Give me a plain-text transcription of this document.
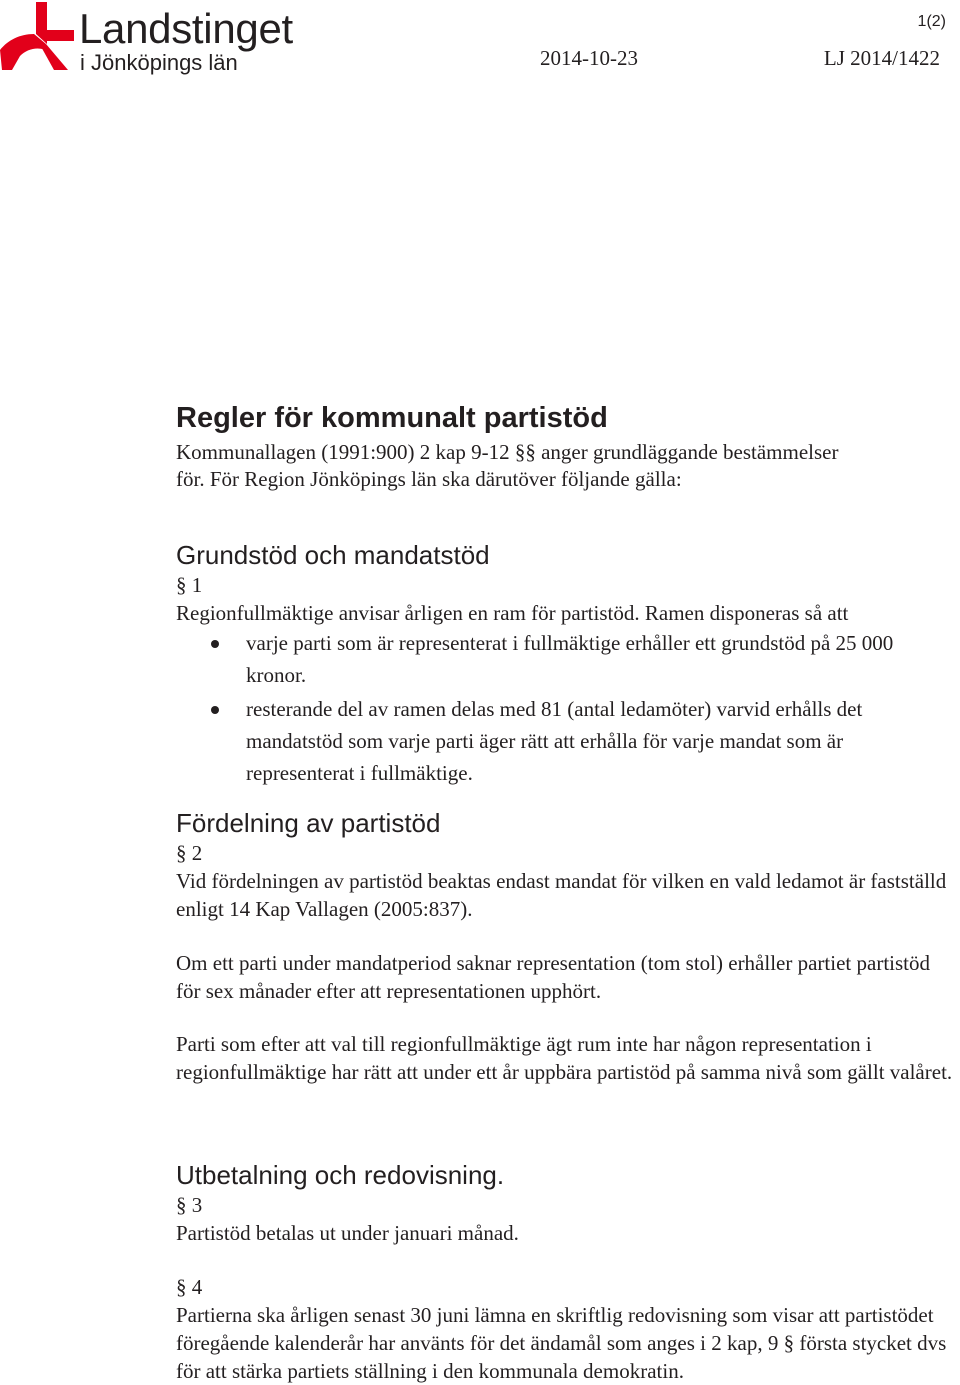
Landstinget
i Jönköpings län
1(2)
2014-10-23	LJ 2014/1422
Regler för kommunalt partistöd
Kommunallagen (1991:900) 2 kap 9-12 §§ anger grundläggande bestämmelser
för. För Region Jönköpings län ska därutöver följande gälla:
Grundstöd och mandatstöd
§ 1
Regionfullmäktige anvisar årligen en ram för partistöd. Ramen disponeras så att
varje parti som är representerat i fullmäktige erhåller ett grundstöd på 25 000 kronor.
resterande del av ramen delas med 81 (antal ledamöter) varvid erhålls det mandatstöd som varje parti äger rätt att erhålla för varje mandat som är representerat i fullmäktige.
Fördelning av partistöd
§ 2
Vid fördelningen av partistöd beaktas endast mandat för vilken en vald ledamot är fastställd enligt 14 Kap Vallagen (2005:837).
Om ett parti under mandatperiod saknar representation (tom stol) erhåller partiet partistöd för sex månader efter att representationen upphört.
Parti som efter att val till regionfullmäktige ägt rum inte har någon representation i regionfullmäktige har rätt att under ett år uppbära partistöd på samma nivå som gällt valåret.
Utbetalning och redovisning.
§ 3
Partistöd betalas ut under januari månad.
§ 4
Partierna ska årligen senast 30 juni lämna en skriftlig redovisning som visar att partistödet föregående kalenderår har använts för det ändamål som anges i 2 kap, 9 § första stycket dvs för att stärka partiets ställning i den kommunala demokratin.
